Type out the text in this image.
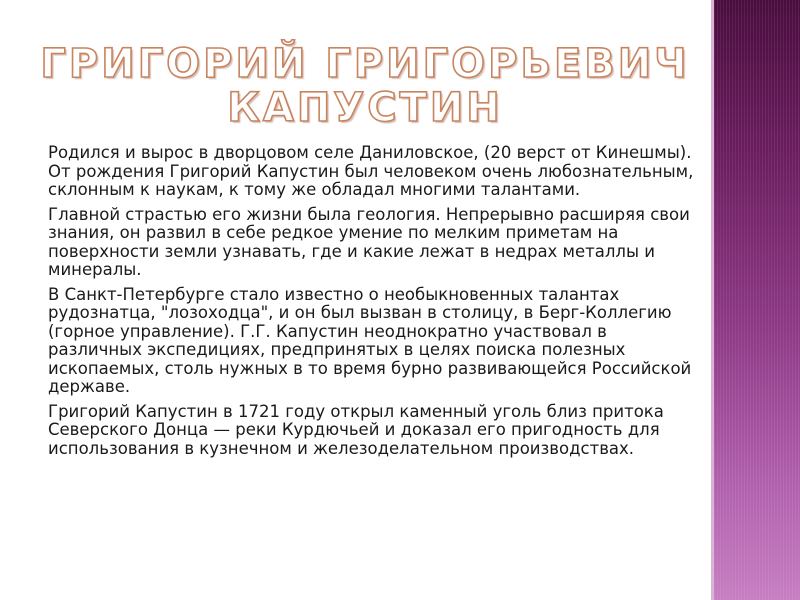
ГРИГОРИЙ ГРИГОРЬЕВИЧ
КАПУСТИН

Родился и вырос в дворцовом селе Даниловское, (20 верст от Кинешмы). От рождения Григорий Капустин был человеком очень любознательным, склонным к наукам, к тому же обладал многими талантами.

Главной страстью его жизни была геология. Непрерывно расширяя свои знания, он развил в себе редкое умение по мелким приметам на поверхности земли узнавать, где и какие лежат в недрах металлы и минералы.

В Санкт-Петербурге стало известно о необыкновенных талантах рудознатца, "лозоходца", и он был вызван в столицу, в Берг-Коллегию (горное управление). Г.Г. Капустин неоднократно участвовал в различных экспедициях, предпринятых в целях поиска полезных ископаемых, столь нужных в то время бурно развивающейся Российской державе.

Григорий Капустин в 1721 году открыл каменный уголь близ притока Северского Донца — реки Курдючьей и доказал его пригодность для использования в кузнечном и железоделательном производствах.
